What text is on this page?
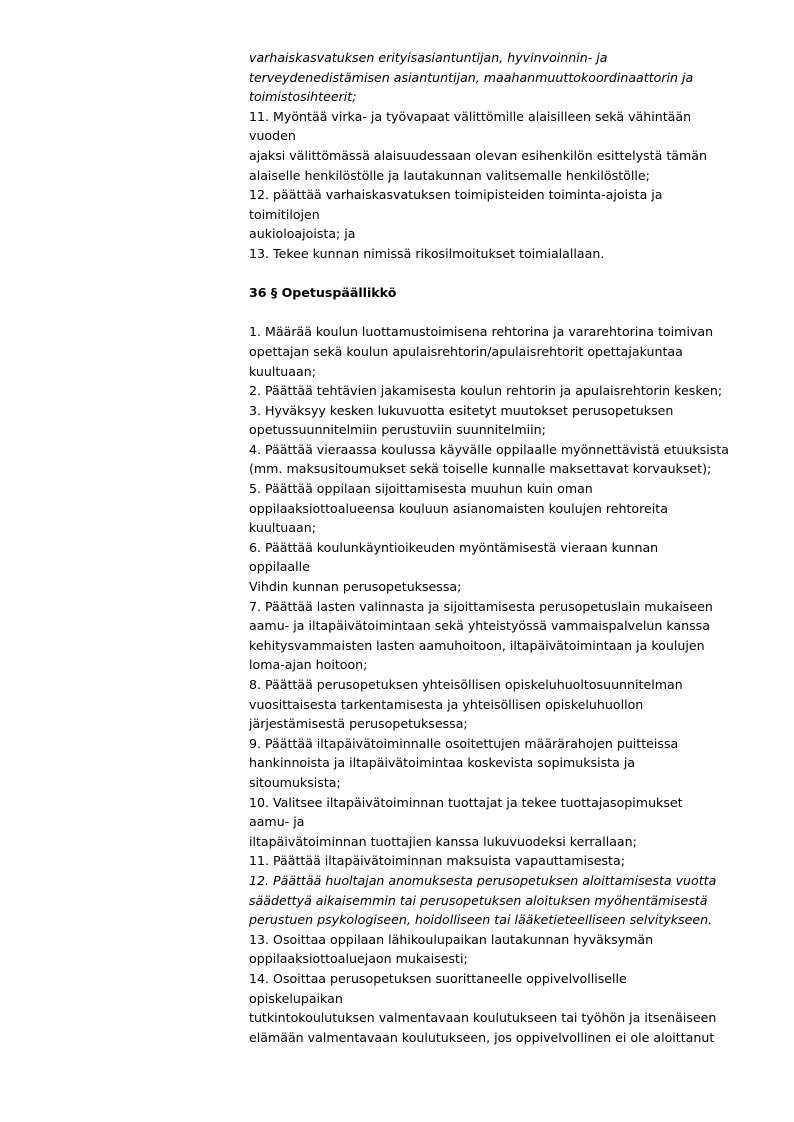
varhaiskasvatuksen erityisasiantuntijan, hyvinvoinnin- ja

terveydenedistämisen asiantuntijan, maahanmuuttokoordinaattorin ja

toimistosihteerit;

11. Myöntää virka- ja työvapaat välittömille alaisilleen sekä vähintään

vuoden

ajaksi välittömässä alaisuudessaan olevan esihenkilön esittelystä tämän

alaiselle henkilöstölle ja lautakunnan valitsemalle henkilöstölle;

12. päättää varhaiskasvatuksen toimipisteiden toiminta-ajoista ja

toimitilojen

aukioloajoista; ja

13. Tekee kunnan nimissä rikosilmoitukset toimialallaan.

36 § Opetuspäällikkö

1. Määrää koulun luottamustoimisena rehtorina ja vararehtorina toimivan

opettajan sekä koulun apulaisrehtorin/apulaisrehtorit opettajakuntaa

kuultuaan;

2. Päättää tehtävien jakamisesta koulun rehtorin ja apulaisrehtorin kesken;

3. Hyväksyy kesken lukuvuotta esitetyt muutokset perusopetuksen

opetussuunnitelmiin perustuviin suunnitelmiin;

4. Päättää vieraassa koulussa käyvälle oppilaalle myönnettävistä etuuksista

(mm. maksusitoumukset sekä toiselle kunnalle maksettavat korvaukset);

5. Päättää oppilaan sijoittamisesta muuhun kuin oman

oppilaaksiottoalueensa kouluun asianomaisten koulujen rehtoreita

kuultuaan;

6. Päättää koulunkäyntioikeuden myöntämisestä vieraan kunnan

oppilaalle

Vihdin kunnan perusopetuksessa;

7. Päättää lasten valinnasta ja sijoittamisesta perusopetuslain mukaiseen

aamu- ja iltapäivätoimintaan sekä yhteistyössä vammaispalvelun kanssa

kehitysvammaisten lasten aamuhoitoon, iltapäivätoimintaan ja koulujen

loma-ajan hoitoon;

8. Päättää perusopetuksen yhteisöllisen opiskeluhuoltosuunnitelman

vuosittaisesta tarkentamisesta ja yhteisöllisen opiskeluhuollon

järjestämisestä perusopetuksessa;

9. Päättää iltapäivätoiminnalle osoitettujen määrärahojen puitteissa

hankinnoista ja iltapäivätoimintaa koskevista sopimuksista ja

sitoumuksista;

10. Valitsee iltapäivätoiminnan tuottajat ja tekee tuottajasopimukset

aamu- ja

iltapäivätoiminnan tuottajien kanssa lukuvuodeksi kerrallaan;

11. Päättää iltapäivätoiminnan maksuista vapauttamisesta;

12. Päättää huoltajan anomuksesta perusopetuksen aloittamisesta vuotta

säädettyä aikaisemmin tai perusopetuksen aloituksen myöhentämisestä

perustuen psykologiseen, hoidolliseen tai lääketieteelliseen selvitykseen.

13. Osoittaa oppilaan lähikoulupaikan lautakunnan hyväksymän

oppilaaksiottoaluejaon mukaisesti;

14. Osoittaa perusopetuksen suorittaneelle oppivelvolliselle

opiskelupaikan

tutkintokoulutuksen valmentavaan koulutukseen tai työhön ja itsenäiseen

elämään valmentavaan koulutukseen, jos oppivelvollinen ei ole aloittanut
